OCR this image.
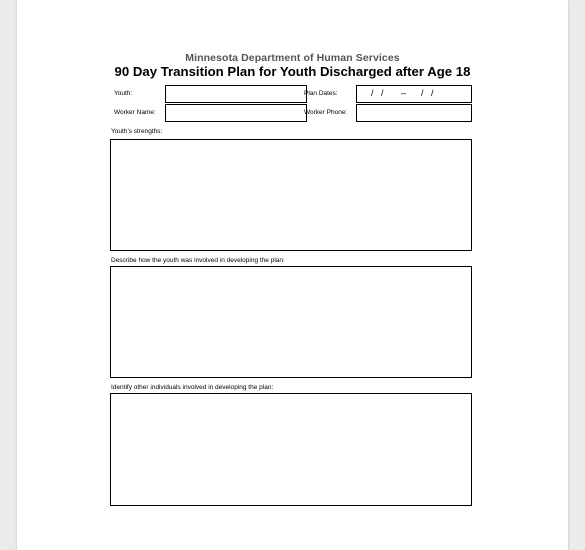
Minnesota Department of Human Services
90 Day Transition Plan for Youth Discharged after Age 18
Youth:	Plan Dates:	/   /       –      /   /
Worker Name:	Worker Phone:
Youth’s strengths:
Describe how the youth was involved in developing the plan:
Identify other individuals involved in developing the plan:
